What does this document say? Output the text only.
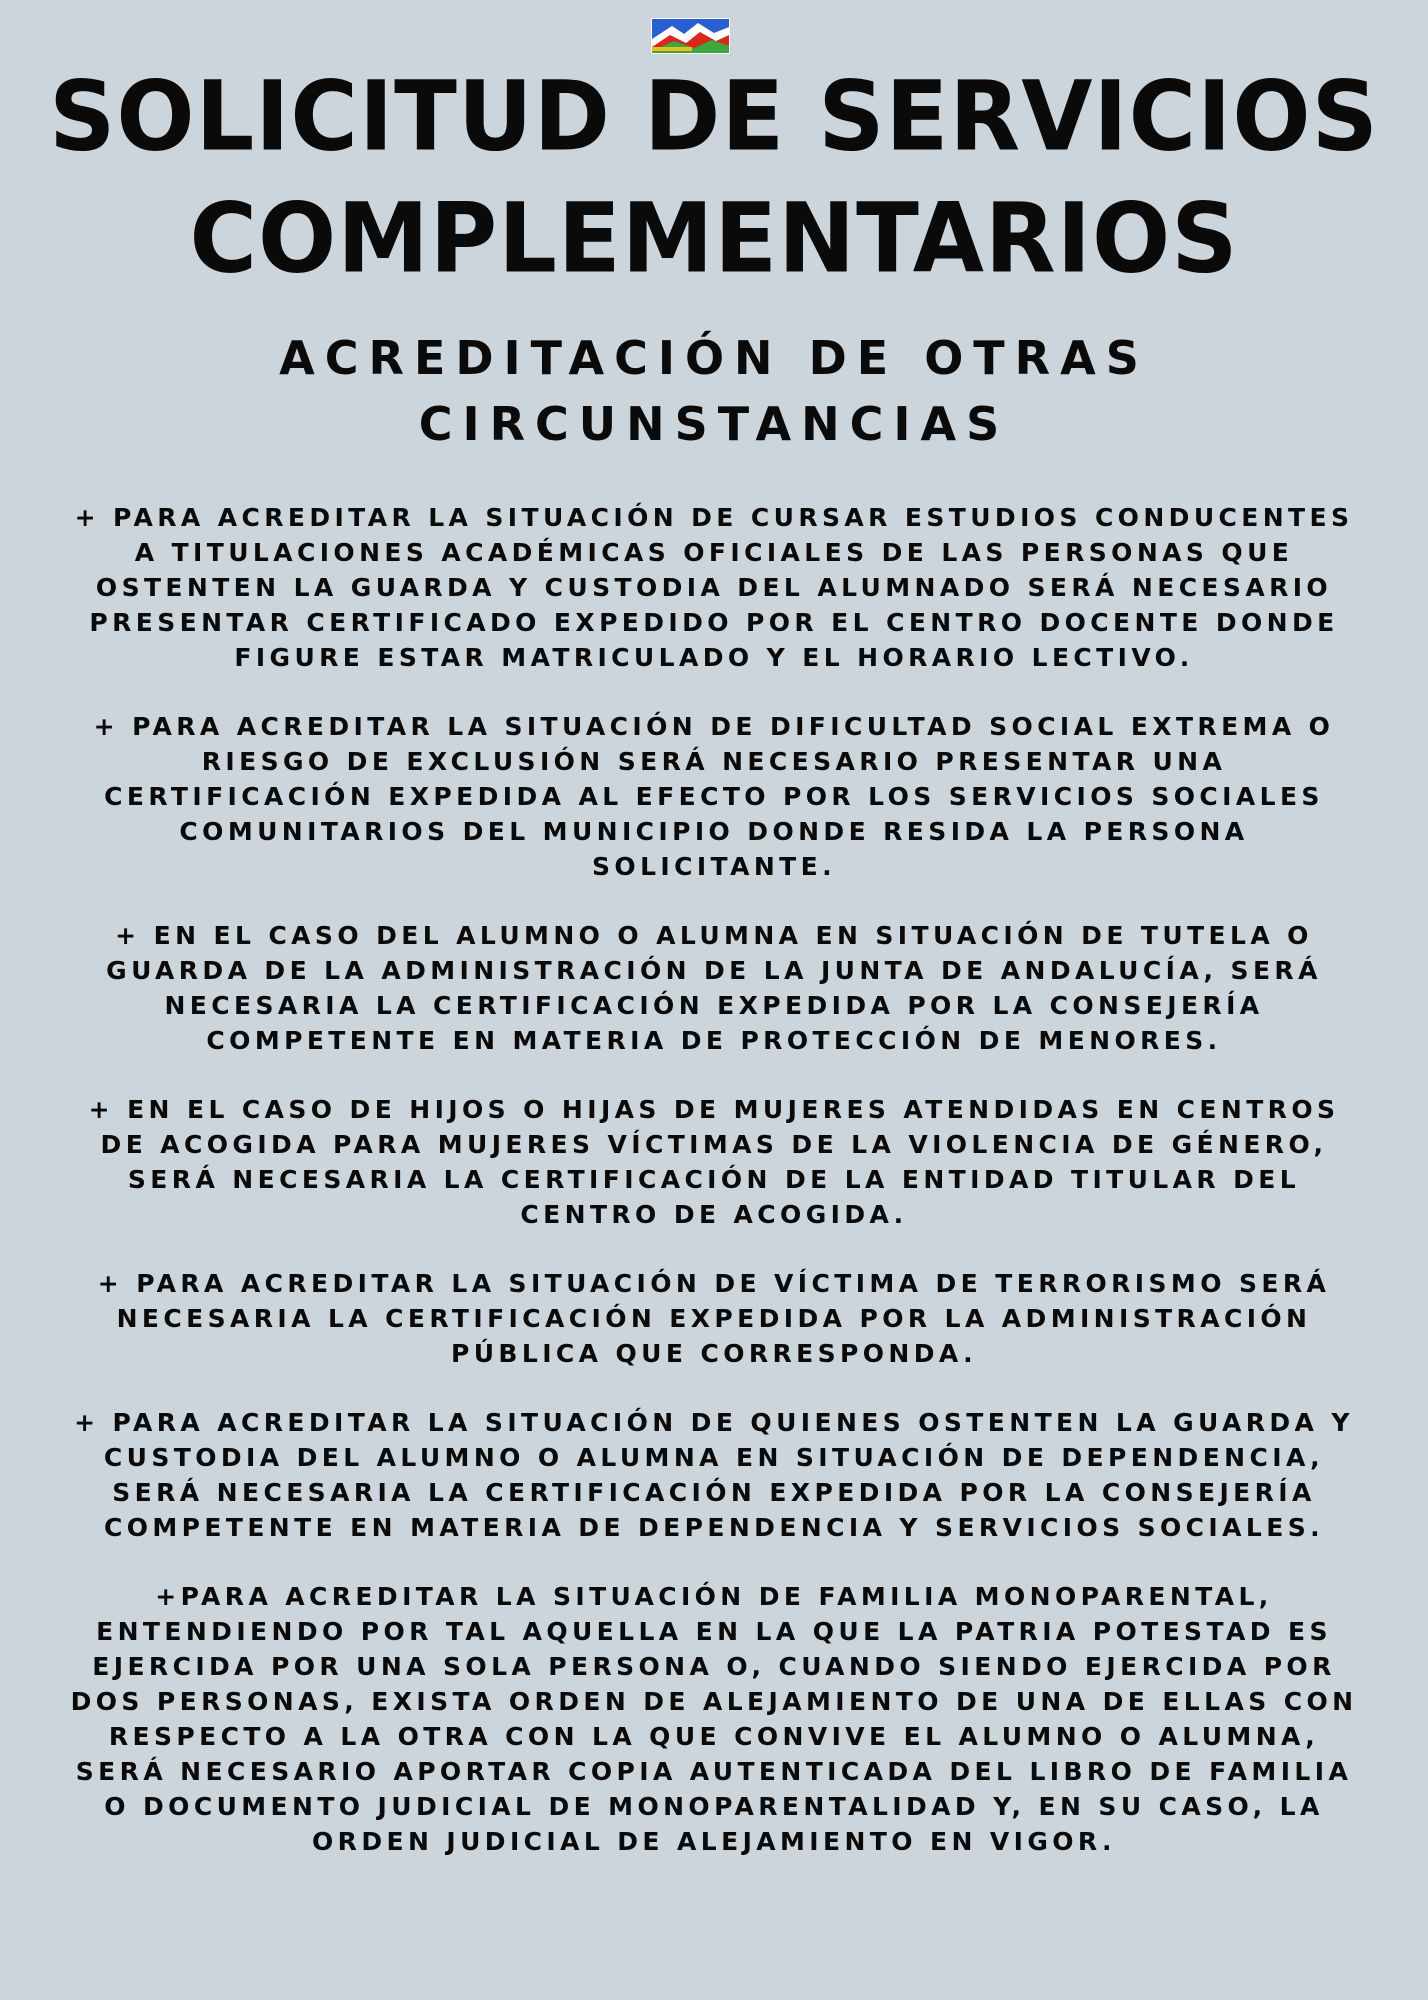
SOLICITUD DE SERVICIOS
COMPLEMENTARIOS
ACREDITACIÓN DE OTRAS
CIRCUNSTANCIAS

+ PARA ACREDITAR LA SITUACIÓN DE CURSAR ESTUDIOS CONDUCENTES A TITULACIONES ACADÉMICAS OFICIALES DE LAS PERSONAS QUE OSTENTEN LA GUARDA Y CUSTODIA DEL ALUMNADO SERÁ NECESARIO PRESENTAR CERTIFICADO EXPEDIDO POR EL CENTRO DOCENTE DONDE FIGURE ESTAR MATRICULADO Y EL HORARIO LECTIVO.

+ PARA ACREDITAR LA SITUACIÓN DE DIFICULTAD SOCIAL EXTREMA O RIESGO DE EXCLUSIÓN SERÁ NECESARIO PRESENTAR UNA CERTIFICACIÓN EXPEDIDA AL EFECTO POR LOS SERVICIOS SOCIALES COMUNITARIOS DEL MUNICIPIO DONDE RESIDA LA PERSONA SOLICITANTE.

+ EN EL CASO DEL ALUMNO O ALUMNA EN SITUACIÓN DE TUTELA O GUARDA DE LA ADMINISTRACIÓN DE LA JUNTA DE ANDALUCÍA, SERÁ NECESARIA LA CERTIFICACIÓN EXPEDIDA POR LA CONSEJERÍA COMPETENTE EN MATERIA DE PROTECCIÓN DE MENORES.

+ EN EL CASO DE HIJOS O HIJAS DE MUJERES ATENDIDAS EN CENTROS DE ACOGIDA PARA MUJERES VÍCTIMAS DE LA VIOLENCIA DE GÉNERO, SERÁ NECESARIA LA CERTIFICACIÓN DE LA ENTIDAD TITULAR DEL CENTRO DE ACOGIDA.

+ PARA ACREDITAR LA SITUACIÓN DE VÍCTIMA DE TERRORISMO SERÁ NECESARIA LA CERTIFICACIÓN EXPEDIDA POR LA ADMINISTRACIÓN PÚBLICA QUE CORRESPONDA.

+ PARA ACREDITAR LA SITUACIÓN DE QUIENES OSTENTEN LA GUARDA Y CUSTODIA DEL ALUMNO O ALUMNA EN SITUACIÓN DE DEPENDENCIA, SERÁ NECESARIA LA CERTIFICACIÓN EXPEDIDA POR LA CONSEJERÍA COMPETENTE EN MATERIA DE DEPENDENCIA Y SERVICIOS SOCIALES.

+PARA ACREDITAR LA SITUACIÓN DE FAMILIA MONOPARENTAL, ENTENDIENDO POR TAL AQUELLA EN LA QUE LA PATRIA POTESTAD ES EJERCIDA POR UNA SOLA PERSONA O, CUANDO SIENDO EJERCIDA POR DOS PERSONAS, EXISTA ORDEN DE ALEJAMIENTO DE UNA DE ELLAS CON RESPECTO A LA OTRA CON LA QUE CONVIVE EL ALUMNO O ALUMNA, SERÁ NECESARIO APORTAR COPIA AUTENTICADA DEL LIBRO DE FAMILIA O DOCUMENTO JUDICIAL DE MONOPARENTALIDAD Y, EN SU CASO, LA ORDEN JUDICIAL DE ALEJAMIENTO EN VIGOR.
